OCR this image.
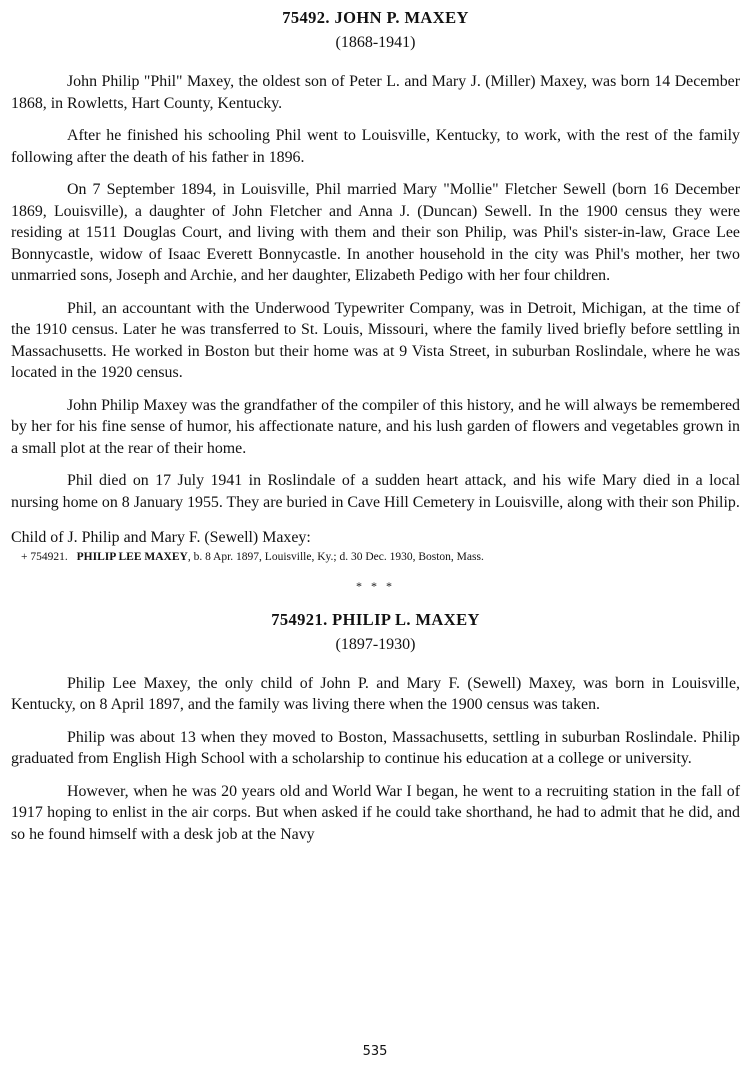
75492. JOHN P. MAXEY
(1868-1941)

John Philip "Phil" Maxey, the oldest son of Peter L. and Mary J. (Miller) Maxey, was born 14 December 1868, in Rowletts, Hart County, Kentucky.

After he finished his schooling Phil went to Louisville, Kentucky, to work, with the rest of the family following after the death of his father in 1896.

On 7 September 1894, in Louisville, Phil married Mary "Mollie" Fletcher Sewell (born 16 December 1869, Louisville), a daughter of John Fletcher and Anna J. (Duncan) Sewell. In the 1900 census they were residing at 1511 Douglas Court, and living with them and their son Philip, was Phil's sister-in-law, Grace Lee Bonnycastle, widow of Isaac Everett Bonnycastle. In another household in the city was Phil's mother, her two unmarried sons, Joseph and Archie, and her daughter, Elizabeth Pedigo with her four children.

Phil, an accountant with the Underwood Typewriter Company, was in Detroit, Michigan, at the time of the 1910 census. Later he was transferred to St. Louis, Missouri, where the family lived briefly before settling in Massachusetts. He worked in Boston but their home was at 9 Vista Street, in suburban Roslindale, where he was located in the 1920 census.

John Philip Maxey was the grandfather of the compiler of this history, and he will always be remembered by her for his fine sense of humor, his affectionate nature, and his lush garden of flowers and vegetables grown in a small plot at the rear of their home.

Phil died on 17 July 1941 in Roslindale of a sudden heart attack, and his wife Mary died in a local nursing home on 8 January 1955. They are buried in Cave Hill Cemetery in Louisville, along with their son Philip.

Child of J. Philip and Mary F. (Sewell) Maxey:
+ 754921. PHILIP LEE MAXEY, b. 8 Apr. 1897, Louisville, Ky.; d. 30 Dec. 1930, Boston, Mass.
* * *
754921. PHILIP L. MAXEY
(1897-1930)

Philip Lee Maxey, the only child of John P. and Mary F. (Sewell) Maxey, was born in Louisville, Kentucky, on 8 April 1897, and the family was living there when the 1900 census was taken.

Philip was about 13 when they moved to Boston, Massachusetts, settling in suburban Roslindale. Philip graduated from English High School with a scholarship to continue his education at a college or university.

However, when he was 20 years old and World War I began, he went to a recruiting station in the fall of 1917 hoping to enlist in the air corps. But when asked if he could take shorthand, he had to admit that he did, and so he found himself with a desk job at the Navy

535
